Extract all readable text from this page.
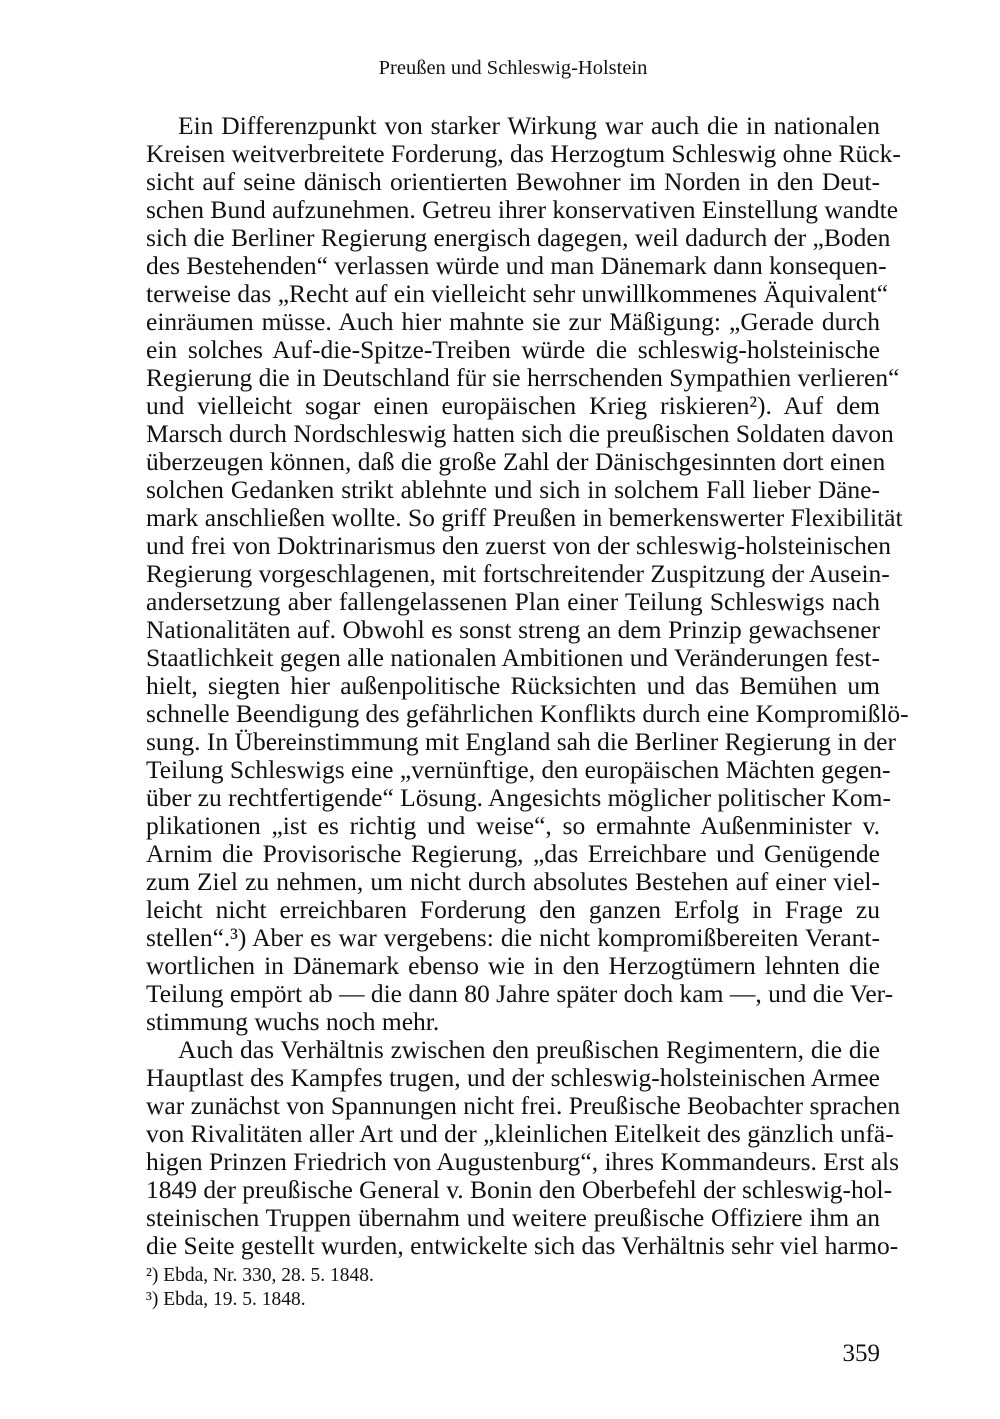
Preußen und Schleswig-Holstein
Ein Differenzpunkt von starker Wirkung war auch die in nationalen
Kreisen weitverbreitete Forderung, das Herzogtum Schleswig ohne Rück-
sicht auf seine dänisch orientierten Bewohner im Norden in den Deut-
schen Bund aufzunehmen. Getreu ihrer konservativen Einstellung wandte
sich die Berliner Regierung energisch dagegen, weil dadurch der „Boden
des Bestehenden“ verlassen würde und man Dänemark dann konsequen-
terweise das „Recht auf ein vielleicht sehr unwillkommenes Äquivalent“
einräumen müsse. Auch hier mahnte sie zur Mäßigung: „Gerade durch
ein solches Auf-die-Spitze-Treiben würde die schleswig-holsteinische
Regierung die in Deutschland für sie herrschenden Sympathien verlieren“
und vielleicht sogar einen europäischen Krieg riskieren²). Auf dem
Marsch durch Nordschleswig hatten sich die preußischen Soldaten davon
überzeugen können, daß die große Zahl der Dänischgesinnten dort einen
solchen Gedanken strikt ablehnte und sich in solchem Fall lieber Däne-
mark anschließen wollte. So griff Preußen in bemerkenswerter Flexibilität
und frei von Doktrinarismus den zuerst von der schleswig-holsteinischen
Regierung vorgeschlagenen, mit fortschreitender Zuspitzung der Ausein-
andersetzung aber fallengelassenen Plan einer Teilung Schleswigs nach
Nationalitäten auf. Obwohl es sonst streng an dem Prinzip gewachsener
Staatlichkeit gegen alle nationalen Ambitionen und Veränderungen fest-
hielt, siegten hier außenpolitische Rücksichten und das Bemühen um
schnelle Beendigung des gefährlichen Konflikts durch eine Kompromißlö-
sung. In Übereinstimmung mit England sah die Berliner Regierung in der
Teilung Schleswigs eine „vernünftige, den europäischen Mächten gegen-
über zu rechtfertigende“ Lösung. Angesichts möglicher politischer Kom-
plikationen „ist es richtig und weise“, so ermahnte Außenminister v.
Arnim die Provisorische Regierung, „das Erreichbare und Genügende
zum Ziel zu nehmen, um nicht durch absolutes Bestehen auf einer viel-
leicht nicht erreichbaren Forderung den ganzen Erfolg in Frage zu
stellen“.³) Aber es war vergebens: die nicht kompromißbereiten Verant-
wortlichen in Dänemark ebenso wie in den Herzogtümern lehnten die
Teilung empört ab — die dann 80 Jahre später doch kam —, und die Ver-
stimmung wuchs noch mehr.
Auch das Verhältnis zwischen den preußischen Regimentern, die die
Hauptlast des Kampfes trugen, und der schleswig-holsteinischen Armee
war zunächst von Spannungen nicht frei. Preußische Beobachter sprachen
von Rivalitäten aller Art und der „kleinlichen Eitelkeit des gänzlich unfä-
higen Prinzen Friedrich von Augustenburg“, ihres Kommandeurs. Erst als
1849 der preußische General v. Bonin den Oberbefehl der schleswig-hol-
steinischen Truppen übernahm und weitere preußische Offiziere ihm an
die Seite gestellt wurden, entwickelte sich das Verhältnis sehr viel harmo-
²) Ebda, Nr. 330, 28. 5. 1848.
³) Ebda, 19. 5. 1848.
359
